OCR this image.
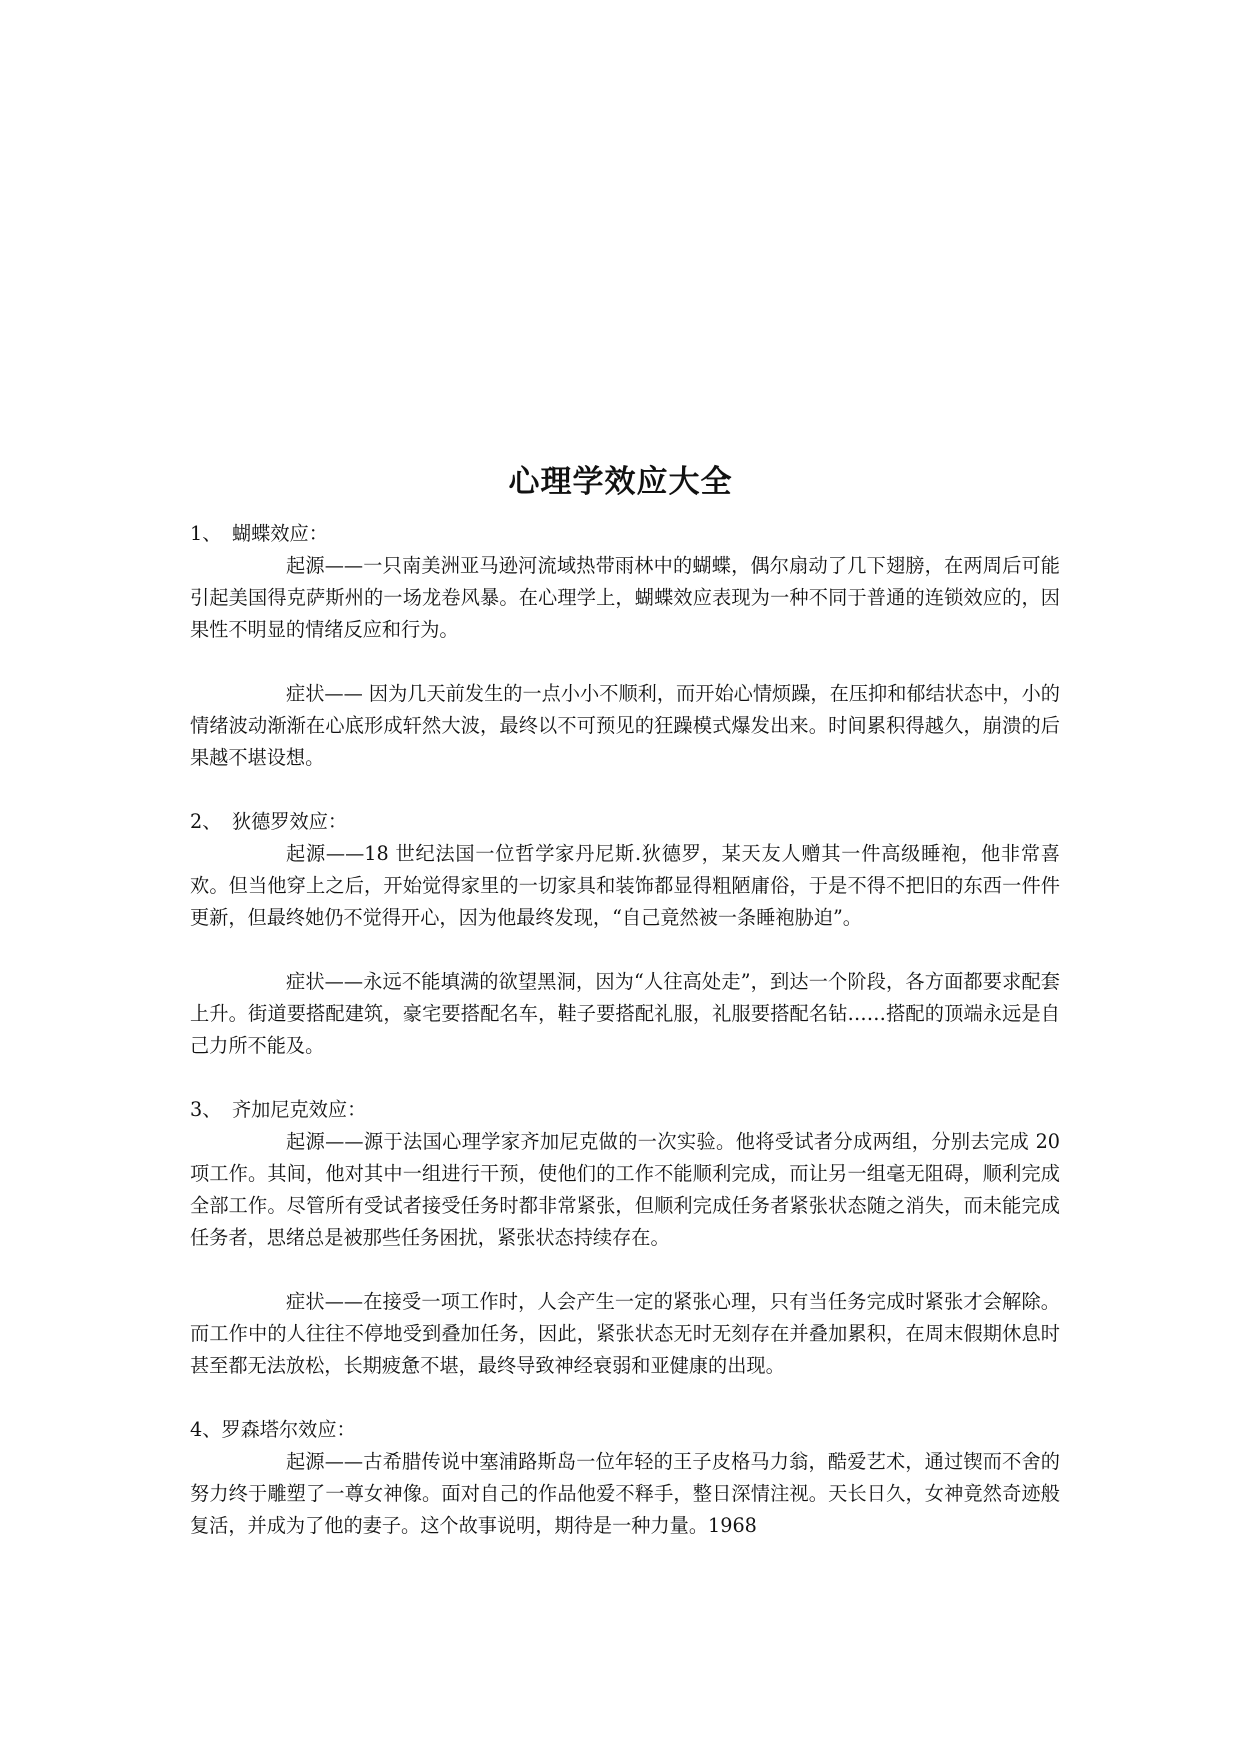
心理学效应大全

1、 蝴蝶效应：

起源——一只南美洲亚马逊河流域热带雨林中的蝴蝶，偶尔扇动了几下翅膀，在两周后可能引起美国得克萨斯州的一场龙卷风暴。在心理学上，蝴蝶效应表现为一种不同于普通的连锁效应的，因果性不明显的情绪反应和行为。

症状—— 因为几天前发生的一点小小不顺利，而开始心情烦躁，在压抑和郁结状态中，小的情绪波动渐渐在心底形成轩然大波，最终以不可预见的狂躁模式爆发出来。时间累积得越久，崩溃的后果越不堪设想。

2、 狄德罗效应：

起源——18 世纪法国一位哲学家丹尼斯.狄德罗，某天友人赠其一件高级睡袍，他非常喜欢。但当他穿上之后，开始觉得家里的一切家具和装饰都显得粗陋庸俗，于是不得不把旧的东西一件件更新，但最终她仍不觉得开心，因为他最终发现，“自己竟然被一条睡袍胁迫”。

症状——永远不能填满的欲望黑洞，因为“人往高处走”，到达一个阶段，各方面都要求配套上升。街道要搭配建筑，豪宅要搭配名车，鞋子要搭配礼服，礼服要搭配名钻……搭配的顶端永远是自己力所不能及。

3、 齐加尼克效应：

起源——源于法国心理学家齐加尼克做的一次实验。他将受试者分成两组，分别去完成 20 项工作。其间，他对其中一组进行干预，使他们的工作不能顺利完成，而让另一组毫无阻碍，顺利完成全部工作。尽管所有受试者接受任务时都非常紧张，但顺利完成任务者紧张状态随之消失，而未能完成任务者，思绪总是被那些任务困扰，紧张状态持续存在。

症状——在接受一项工作时，人会产生一定的紧张心理，只有当任务完成时紧张才会解除。而工作中的人往往不停地受到叠加任务，因此，紧张状态无时无刻存在并叠加累积，在周末假期休息时甚至都无法放松，长期疲惫不堪，最终导致神经衰弱和亚健康的出现。

4、罗森塔尔效应：

起源——古希腊传说中塞浦路斯岛一位年轻的王子皮格马力翁，酷爱艺术，通过锲而不舍的努力终于雕塑了一尊女神像。面对自己的作品他爱不释手，整日深情注视。天长日久，女神竟然奇迹般复活，并成为了他的妻子。这个故事说明，期待是一种力量。1968
